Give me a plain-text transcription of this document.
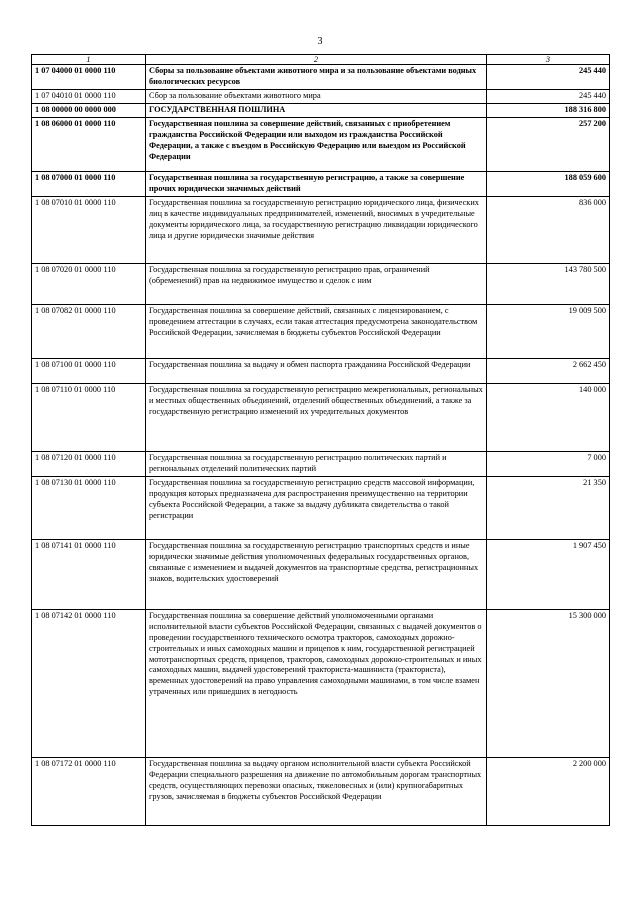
3
1	2	3
1 07 04000 01 0000 110	Сборы за пользование объектами животного мира и за пользование объектами водных биологических ресурсов	245 440
1 07 04010 01 0000 110	Сбор за пользование объектами животного мира	245 440
1 08 00000 00 0000 000	ГОСУДАРСТВЕННАЯ ПОШЛИНА	188 316 800
1 08 06000 01 0000 110	Государственная пошлина за совершение действий, связанных с приобретением гражданства Российской Федерации или выходом из гражданства Российской Федерации, а также с въездом в Российскую Федерацию или выездом из Российской Федерации	257 200
1 08 07000 01 0000 110	Государственная пошлина за государственную регистрацию, а также за совершение прочих юридически значимых действий	188 059 600
1 08 07010 01 0000 110	Государственная пошлина за государственную регистрацию юридического лица, физических лиц в качестве индивидуальных предпринимателей, изменений, вносимых в учредительные документы юридического лица, за государственную регистрацию ликвидации юридического лица и другие юридически значимые действия	836 000
1 08 07020 01 0000 110	Государственная пошлина за государственную регистрацию прав, ограничений (обременений) прав на недвижимое имущество и сделок с ним	143 780 500
1 08 07082 01 0000 110	Государственная пошлина за совершение действий, связанных с лицензированием, с проведением аттестации в случаях, если такая аттестация предусмотрена законодательством Российской Федерации, зачисляемая в бюджеты субъектов Российской Федерации	19 009 500
1 08 07100 01 0000 110	Государственная пошлина за выдачу и обмен паспорта гражданина Российской Федерации	2 662 450
1 08 07110 01 0000 110	Государственная пошлина за государственную регистрацию межрегиональных, региональных и местных общественных объединений, отделений общественных объединений, а также за государственную регистрацию изменений их учредительных документов	140 000
1 08 07120 01 0000 110	Государственная пошлина за государственную регистрацию политических партий и региональных отделений политических партий	7 000
1 08 07130 01 0000 110	Государственная пошлина за государственную регистрацию средств массовой информации, продукция которых предназначена для распространения преимущественно на территории субъекта Российской Федерации, а также за выдачу дубликата свидетельства о такой регистрации	21 350
1 08 07141 01 0000 110	Государственная пошлина за государственную регистрацию транспортных средств и иные юридически значимые действия уполномоченных федеральных государственных органов, связанные с изменением и выдачей документов на транспортные средства, регистрационных знаков, водительских удостоверений	1 907 450
1 08 07142 01 0000 110	Государственная пошлина за совершение действий уполномоченными органами исполнительной власти субъектов Российской Федерации, связанных с выдачей документов о проведении государственного технического осмотра тракторов, самоходных дорожно-строительных и иных самоходных машин и прицепов к ним, государственной регистрацией мототранспортных средств, прицепов, тракторов, самоходных дорожно-строительных и иных самоходных машин, выдачей удостоверений тракториста-машиниста (тракториста), временных удостоверений на право управления самоходными машинами, в том числе взамен утраченных или пришедших в негодность	15 300 000
1 08 07172 01 0000 110	Государственная пошлина за выдачу органом исполнительной власти субъекта Российской Федерации специального разрешения на движение по автомобильным дорогам транспортных средств, осуществляющих перевозки опасных, тяжеловесных и (или) крупногабаритных грузов, зачисляемая в бюджеты субъектов Российской Федерации	2 200 000
